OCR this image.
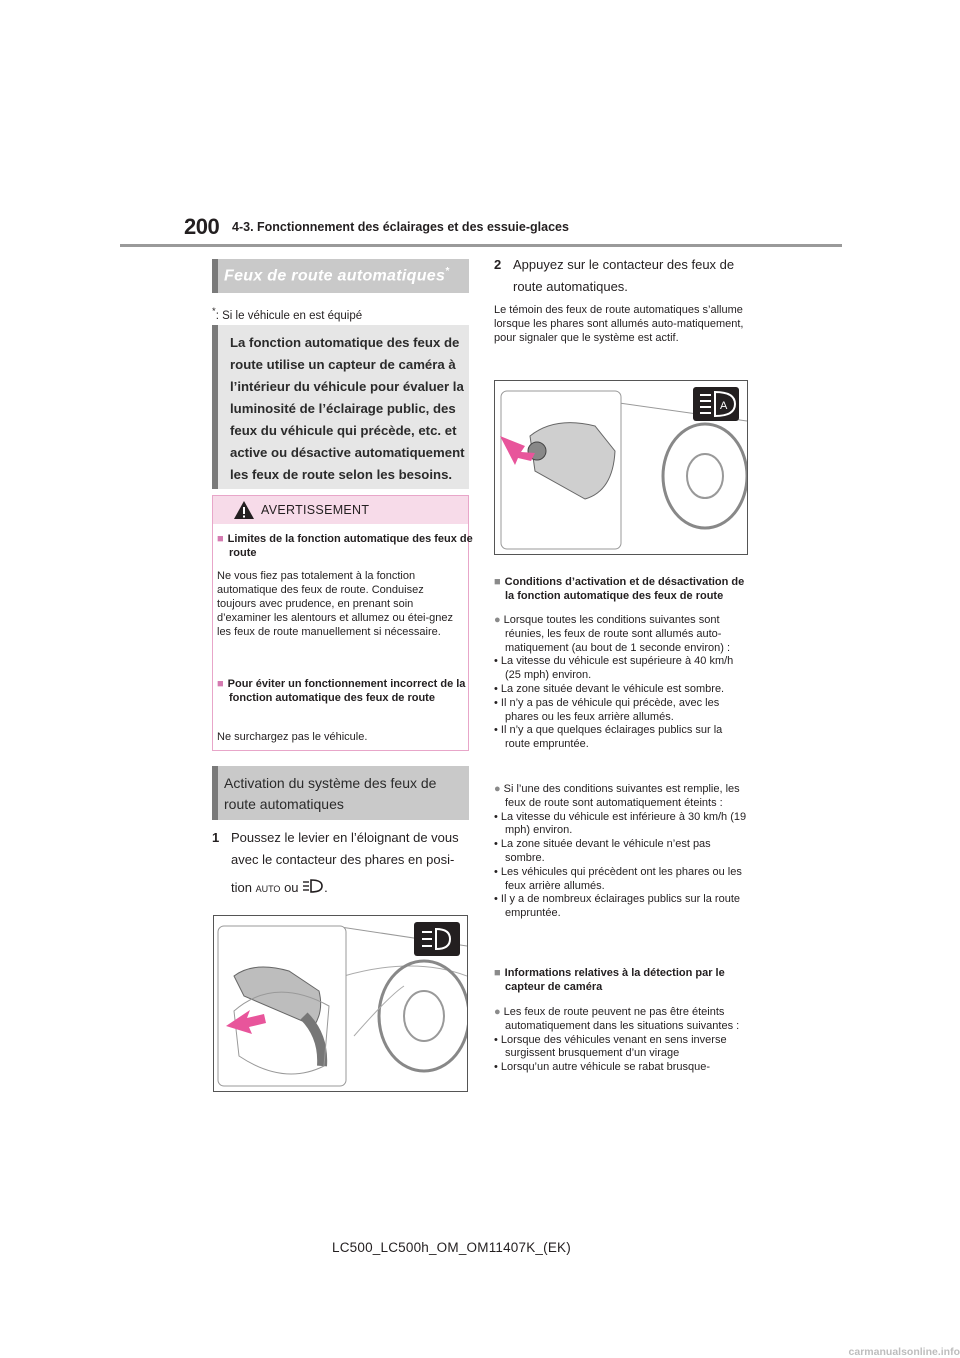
200 4-3. Fonctionnement des éclairages et des essuie-glaces
Feux de route automatiques*
*: Si le véhicule en est équipé
La fonction automatique des feux de route utilise un capteur de caméra à l’intérieur du véhicule pour évaluer la luminosité de l’éclairage public, des feux du véhicule qui précède, etc. et active ou désactive automatiquement les feux de route selon les besoins.
AVERTISSEMENT
■ Limites de la fonction automatique des feux de route
Ne vous fiez pas totalement à la fonction automatique des feux de route. Conduisez toujours avec prudence, en prenant soin d’examiner les alentours et allumez ou étei-gnez les feux de route manuellement si nécessaire.
■ Pour éviter un fonctionnement incorrect de la fonction automatique des feux de route
Ne surchargez pas le véhicule.
Activation du système des feux de route automatiques
1 Poussez le levier en l’éloignant de vous avec le contacteur des phares en posi-
tion AUTO ou .
2 Appuyez sur le contacteur des feux de route automatiques.
Le témoin des feux de route automatiques s’allume lorsque les phares sont allumés auto-matiquement, pour signaler que le système est actif.
A
■ Conditions d’activation et de désactivation de la fonction automatique des feux de route
● Lorsque toutes les conditions suivantes sont réunies, les feux de route sont allumés auto-matiquement (au bout de 1 seconde environ) :
• La vitesse du véhicule est supérieure à 40 km/h (25 mph) environ.
• La zone située devant le véhicule est sombre.
• Il n’y a pas de véhicule qui précède, avec les phares ou les feux arrière allumés.
• Il n’y a que quelques éclairages publics sur la route empruntée.
● Si l’une des conditions suivantes est remplie, les feux de route sont automatiquement éteints :
• La vitesse du véhicule est inférieure à 30 km/h (19 mph) environ.
• La zone située devant le véhicule n’est pas sombre.
• Les véhicules qui précèdent ont les phares ou les feux arrière allumés.
• Il y a de nombreux éclairages publics sur la route empruntée.
■ Informations relatives à la détection par le capteur de caméra
● Les feux de route peuvent ne pas être éteints automatiquement dans les situations suivantes :
• Lorsque des véhicules venant en sens inverse surgissent brusquement d’un virage
• Lorsqu’un autre véhicule se rabat brusque-
LC500_LC500h_OM_OM11407K_(EK)
carmanualsonline.info
